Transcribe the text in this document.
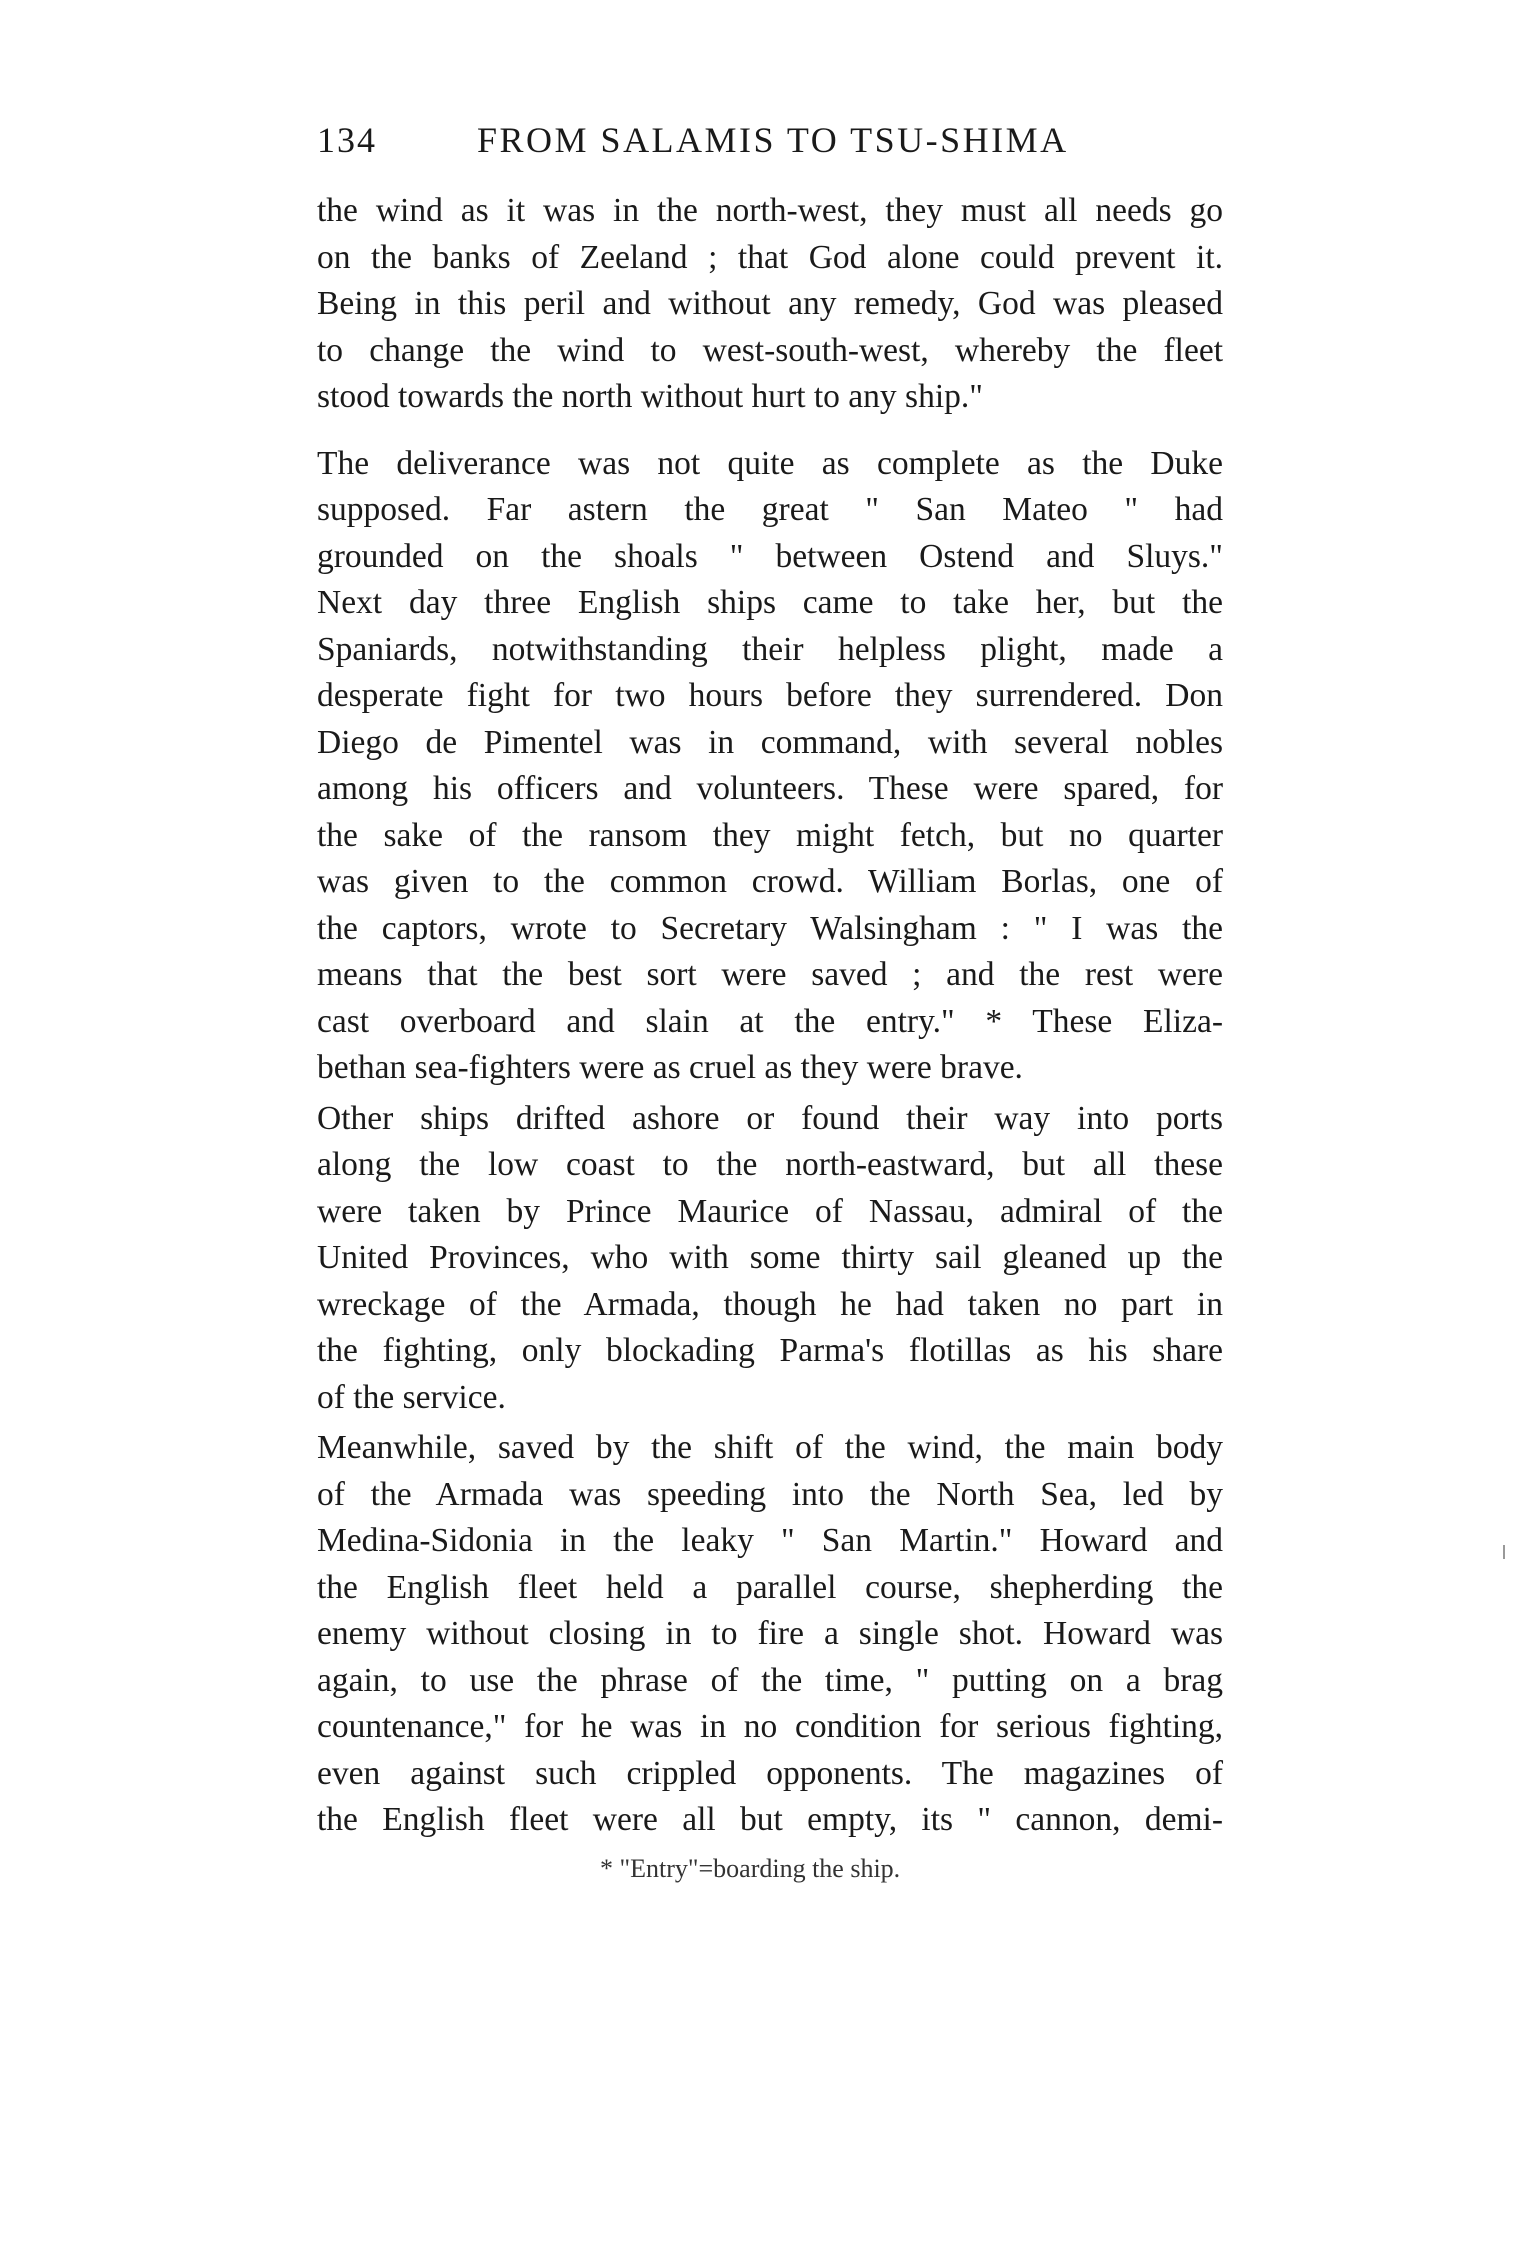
134	FROM SALAMIS TO TSU-SHIMA
the wind as it was in the north-west, they must all needs go
on the banks of Zeeland ; that God alone could prevent it.
Being in this peril and without any remedy, God was pleased
to change the wind to west-south-west, whereby the fleet
stood towards the north without hurt to any ship."
The deliverance was not quite as complete as the Duke
supposed. Far astern the great " San Mateo " had
grounded on the shoals " between Ostend and Sluys."
Next day three English ships came to take her, but the
Spaniards, notwithstanding their helpless plight, made a
desperate fight for two hours before they surrendered. Don
Diego de Pimentel was in command, with several nobles
among his officers and volunteers. These were spared, for
the sake of the ransom they might fetch, but no quarter
was given to the common crowd. William Borlas, one of
the captors, wrote to Secretary Walsingham : " I was the
means that the best sort were saved ; and the rest were
cast overboard and slain at the entry." * These Eliza-
bethan sea-fighters were as cruel as they were brave.
Other ships drifted ashore or found their way into ports
along the low coast to the north-eastward, but all these
were taken by Prince Maurice of Nassau, admiral of the
United Provinces, who with some thirty sail gleaned up the
wreckage of the Armada, though he had taken no part in
the fighting, only blockading Parma's flotillas as his share
of the service.
Meanwhile, saved by the shift of the wind, the main body
of the Armada was speeding into the North Sea, led by
Medina-Sidonia in the leaky " San Martin." Howard and
the English fleet held a parallel course, shepherding the
enemy without closing in to fire a single shot. Howard was
again, to use the phrase of the time, " putting on a brag
countenance," for he was in no condition for serious fighting,
even against such crippled opponents. The magazines of
the English fleet were all but empty, its " cannon, demi-
* "Entry"=boarding the ship.
